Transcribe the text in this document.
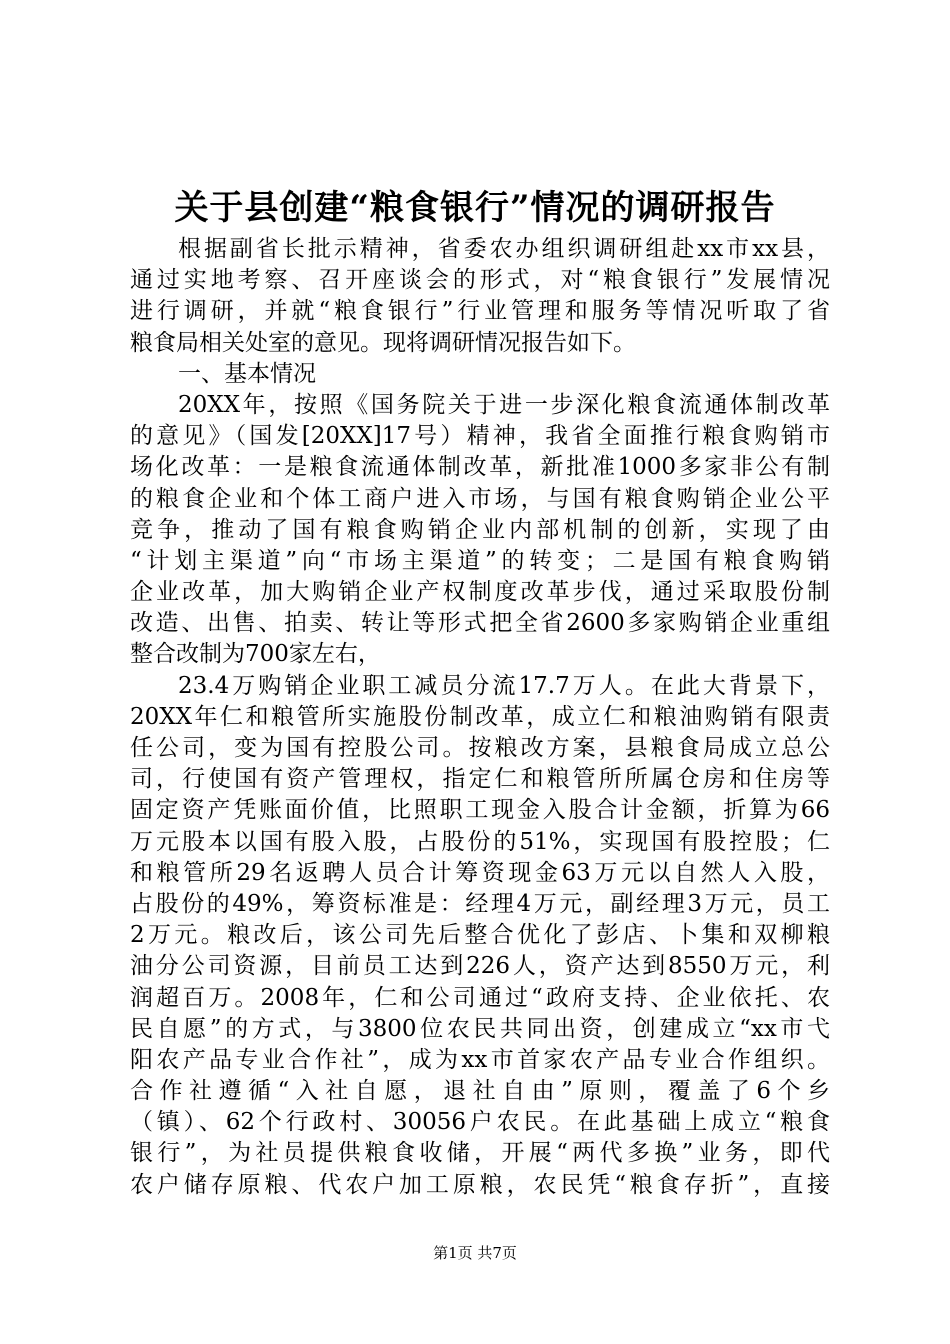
关于县创建“粮食银行”情况的调研报告
根据副省长批示精神，省委农办组织调研组赴xx市xx县，
通过实地考察、召开座谈会的形式，对“粮食银行”发展情况
进行调研，并就“粮食银行”行业管理和服务等情况听取了省
粮食局相关处室的意见。现将调研情况报告如下。
一、基本情况
20XX年，按照《国务院关于进一步深化粮食流通体制改革
的意见》（国发[20XX]17号）精神，我省全面推行粮食购销市
场化改革：一是粮食流通体制改革，新批准1000多家非公有制
的粮食企业和个体工商户进入市场，与国有粮食购销企业公平
竞争，推动了国有粮食购销企业内部机制的创新，实现了由
“计划主渠道”向“市场主渠道”的转变；二是国有粮食购销
企业改革，加大购销企业产权制度改革步伐，通过采取股份制
改造、出售、拍卖、转让等形式把全省2600多家购销企业重组
整合改制为700家左右，
23.4万购销企业职工减员分流17.7万人。在此大背景下，
20XX年仁和粮管所实施股份制改革，成立仁和粮油购销有限责
任公司，变为国有控股公司。按粮改方案，县粮食局成立总公
司，行使国有资产管理权，指定仁和粮管所所属仓房和住房等
固定资产凭账面价值，比照职工现金入股合计金额，折算为66
万元股本以国有股入股，占股份的51%，实现国有股控股；仁
和粮管所29名返聘人员合计筹资现金63万元以自然人入股，
占股份的49%，筹资标准是：经理4万元，副经理3万元，员工
2万元。粮改后，该公司先后整合优化了彭店、卜集和双柳粮
油分公司资源，目前员工达到226人，资产达到8550万元，利
润超百万。2008年，仁和公司通过“政府支持、企业依托、农
民自愿”的方式，与3800位农民共同出资，创建成立“xx市弋
阳农产品专业合作社”，成为xx市首家农产品专业合作组织。
合作社遵循“入社自愿，退社自由”原则，覆盖了6个乡
（镇）、62个行政村、30056户农民。在此基础上成立“粮食
银行”，为社员提供粮食收储，开展“两代多换”业务，即代
农户储存原粮、代农户加工原粮，农民凭“粮食存折”，直接
第1页 共7页
